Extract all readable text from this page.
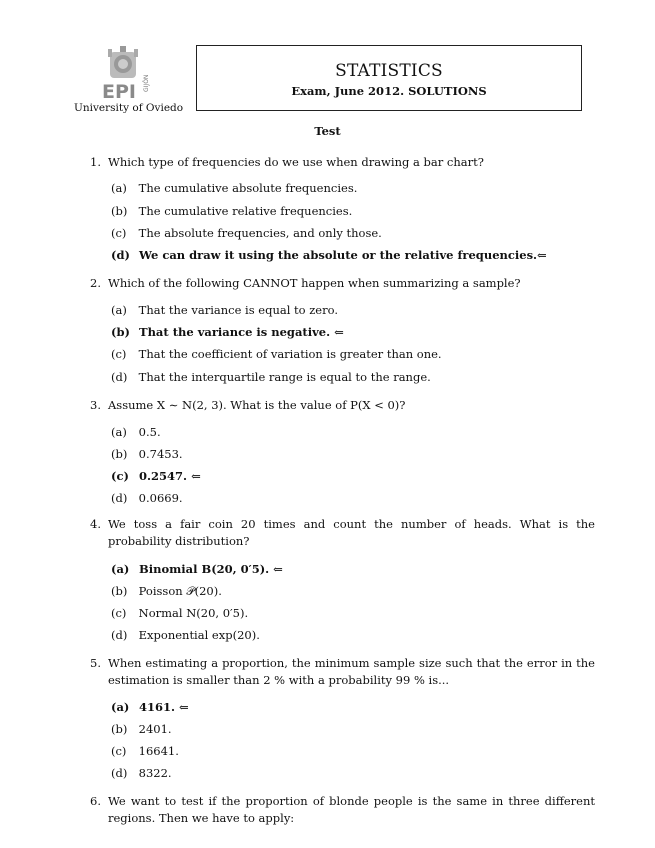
EPI GIJÓN
University of Oviedo
STATISTICS
Exam, June 2012. SOLUTIONS
Test
1. Which type of frequencies do we use when drawing a bar chart?
(a) The cumulative absolute frequencies.
(b) The cumulative relative frequencies.
(c) The absolute frequencies, and only those.
(d) We can draw it using the absolute or the relative frequencies.⇐
2. Which of the following CANNOT happen when summarizing a sample?
(a) That the variance is equal to zero.
(b) That the variance is negative. ⇐
(c) That the coefficient of variation is greater than one.
(d) That the interquartile range is equal to the range.
3. Assume X ∼ N(2, 3). What is the value of P(X < 0)?
(a) 0.5.
(b) 0.7453.
(c) 0.2547. ⇐
(d) 0.0669.
4. We toss a fair coin 20 times and count the number of heads. What is the probability distribution?
(a) Binomial B(20, 0′5). ⇐
(b) Poisson 𝒫(20).
(c) Normal N(20, 0′5).
(d) Exponential exp(20).
5. When estimating a proportion, the minimum sample size such that the error in the estimation is smaller than 2 % with a probability 99 % is...
(a) 4161. ⇐
(b) 2401.
(c) 16641.
(d) 8322.
6. We want to test if the proportion of blonde people is the same in three different regions. Then we have to apply:
